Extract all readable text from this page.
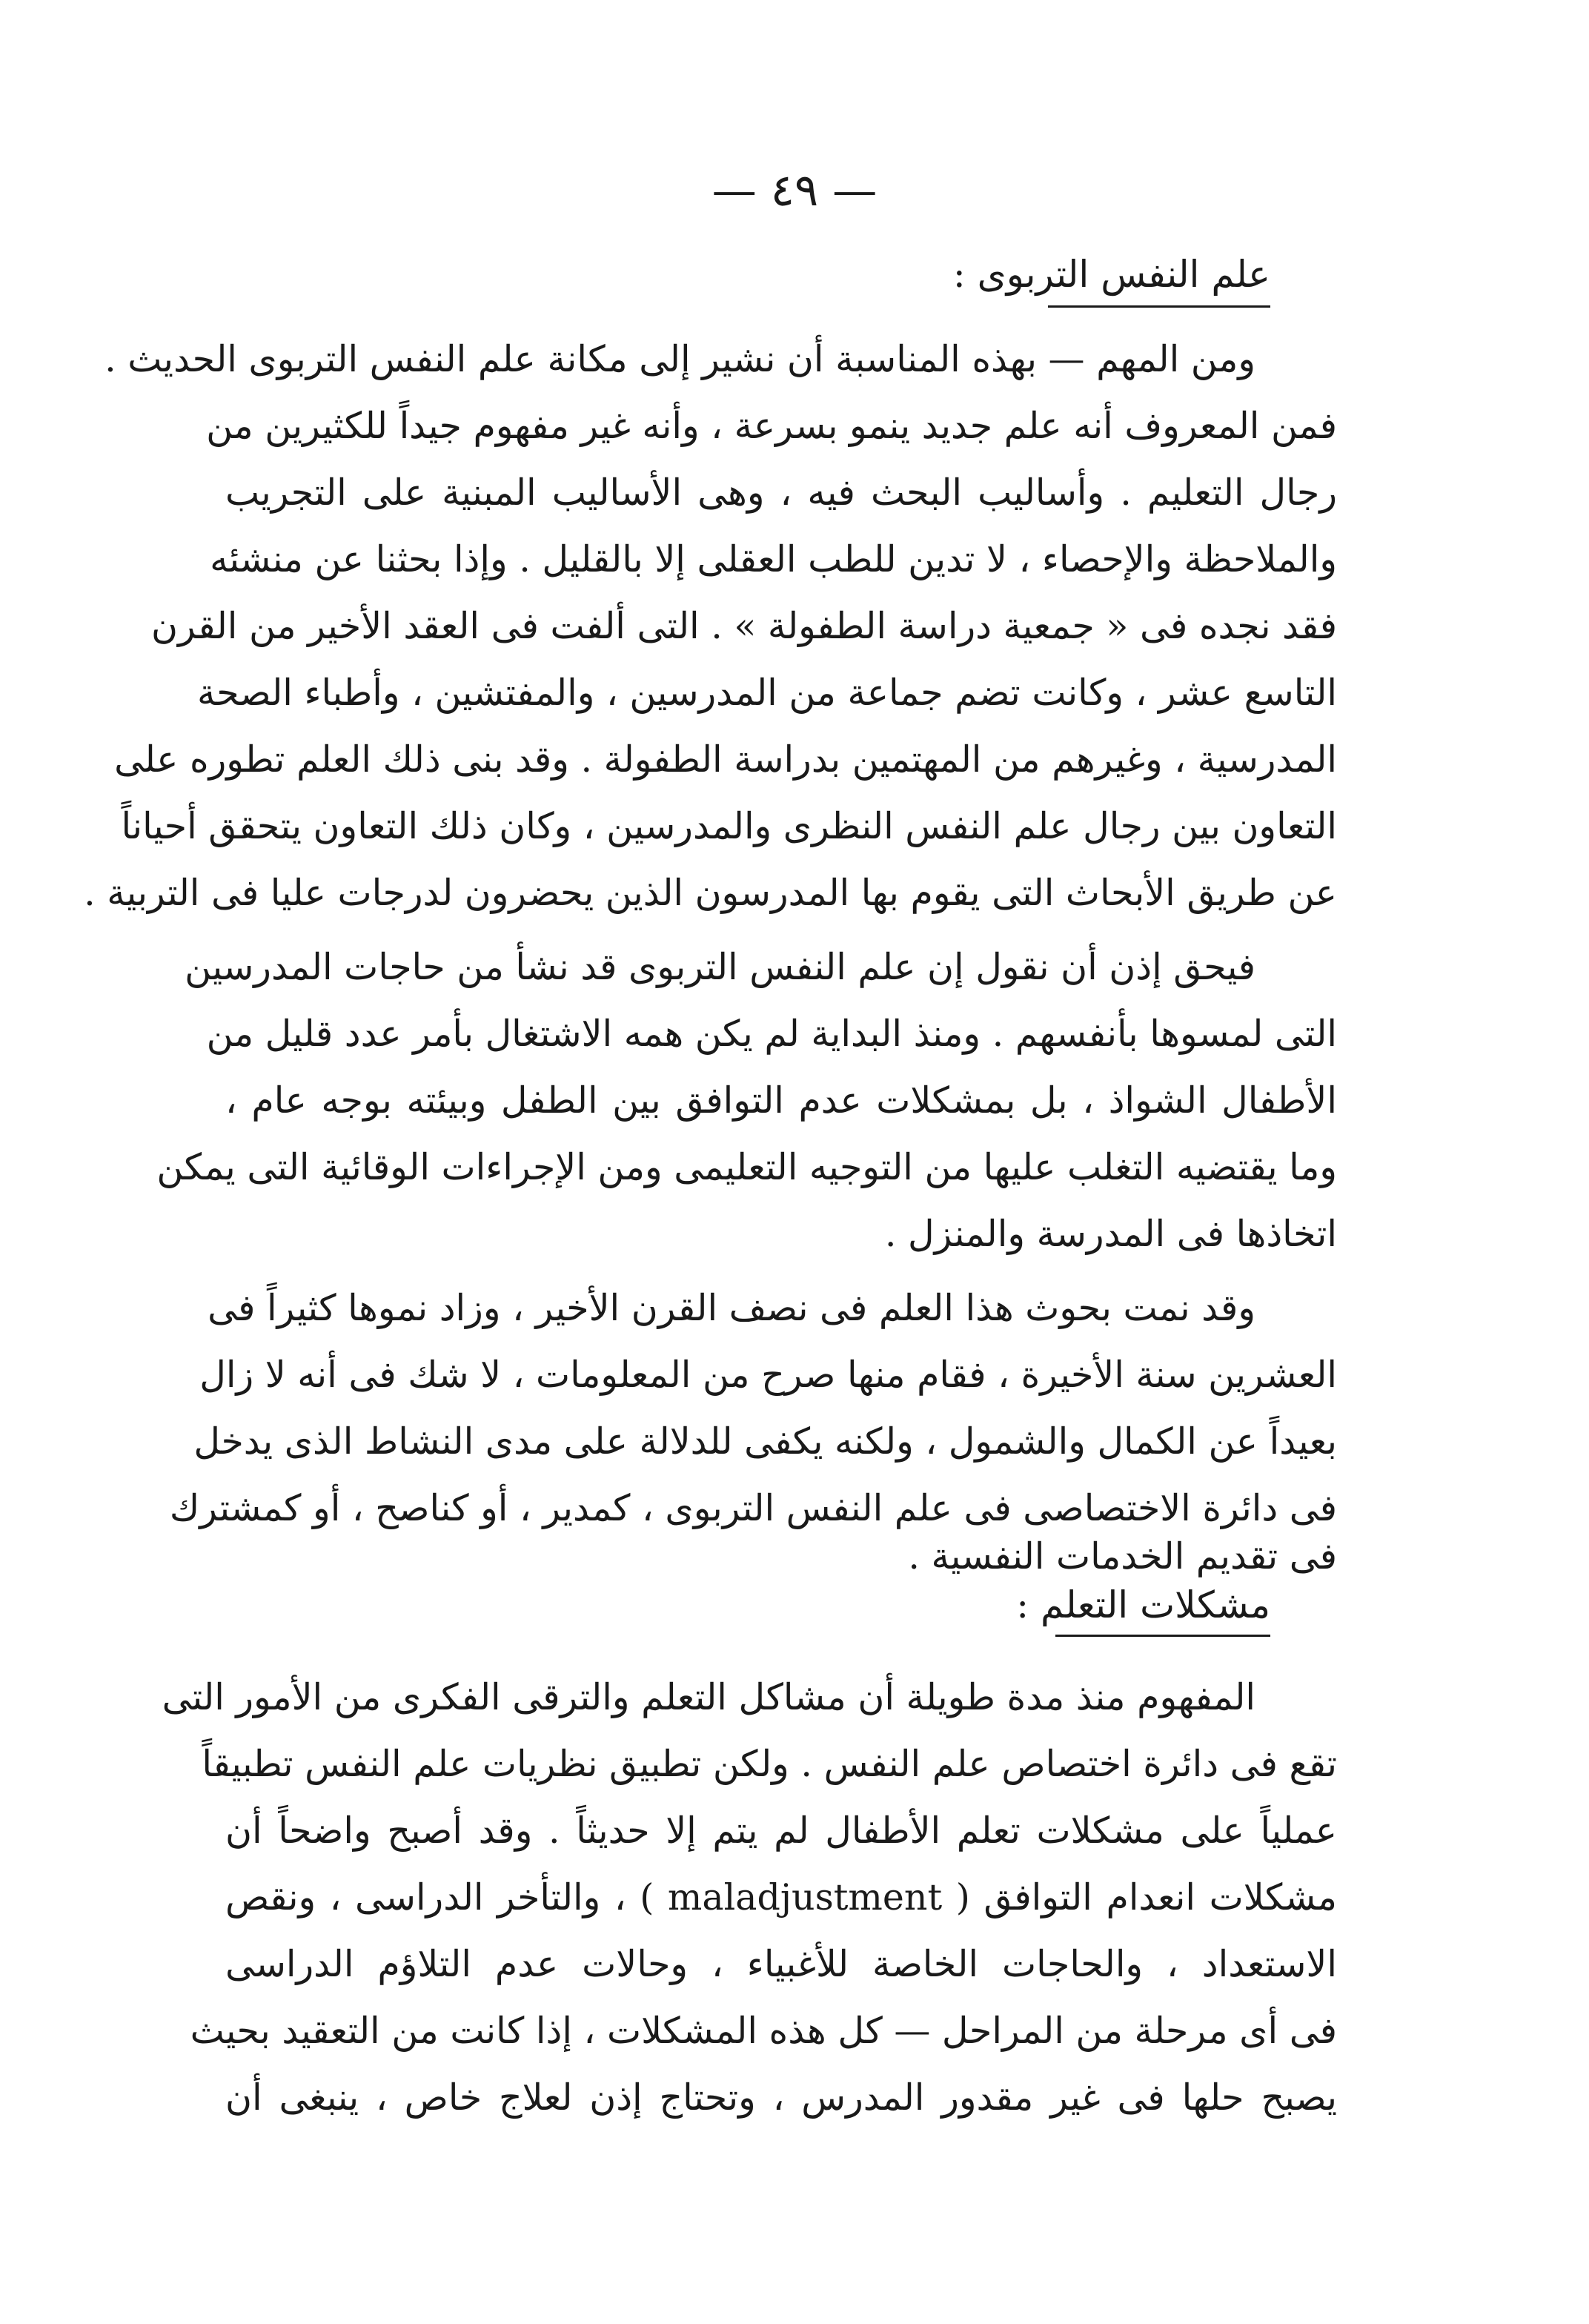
— ٤٩ —
علم النفس التربوى :
ومن المهم — بهذه المناسبة أن نشير إلى مكانة علم النفس التربوى الحديث .
فمن المعروف أنه علم جديد ينمو بسرعة ، وأنه غير مفهوم جيداً للكثيرين من
رجال التعليم . وأساليب البحث فيه ، وهى الأساليب المبنية على التجريب
والملاحظة والإحصاء ، لا تدين للطب العقلى إلا بالقليل . وإذا بحثنا عن منشئه
فقد نجده فى « جمعية دراسة الطفولة » . التى ألفت فى العقد الأخير من القرن
التاسع عشر ، وكانت تضم جماعة من المدرسين ، والمفتشين ، وأطباء الصحة
المدرسية ، وغيرهم من المهتمين بدراسة الطفولة . وقد بنى ذلك العلم تطوره على
التعاون بين رجال علم النفس النظرى والمدرسين ، وكان ذلك التعاون يتحقق أحياناً
عن طريق الأبحاث التى يقوم بها المدرسون الذين يحضرون لدرجات عليا فى التربية .
فيحق إذن أن نقول إن علم النفس التربوى قد نشأ من حاجات المدرسين
التى لمسوها بأنفسهم . ومنذ البداية لم يكن همه الاشتغال بأمر عدد قليل من
الأطفال الشواذ ، بل بمشكلات عدم التوافق بين الطفل وبيئته بوجه عام ،
وما يقتضيه التغلب عليها من التوجيه التعليمى ومن الإجراءات الوقائية التى يمكن
اتخاذها فى المدرسة والمنزل .
وقد نمت بحوث هذا العلم فى نصف القرن الأخير ، وزاد نموها كثيراً فى
العشرين سنة الأخيرة ، فقام منها صرح من المعلومات ، لا شك فى أنه لا زال
بعيداً عن الكمال والشمول ، ولكنه يكفى للدلالة على مدى النشاط الذى يدخل
فى دائرة الاختصاصى فى علم النفس التربوى ، كمدير ، أو كناصح ، أو كمشترك
فى تقديم الخدمات النفسية .
مشكلات التعلم :
المفهوم منذ مدة طويلة أن مشاكل التعلم والترقى الفكرى من الأمور التى
تقع فى دائرة اختصاص علم النفس . ولكن تطبيق نظريات علم النفس تطبيقاً
عملياً على مشكلات تعلم الأطفال لم يتم إلا حديثاً . وقد أصبح واضحاً أن
مشكلات انعدام التوافق ( maladjustment ) ، والتأخر الدراسى ، ونقص
الاستعداد ، والحاجات الخاصة للأغبياء ، وحالات عدم التلاؤم الدراسى
فى أى مرحلة من المراحل — كل هذه المشكلات ، إذا كانت من التعقيد بحيث
يصبح حلها فى غير مقدور المدرس ، وتحتاج إذن لعلاج خاص ، ينبغى أن
